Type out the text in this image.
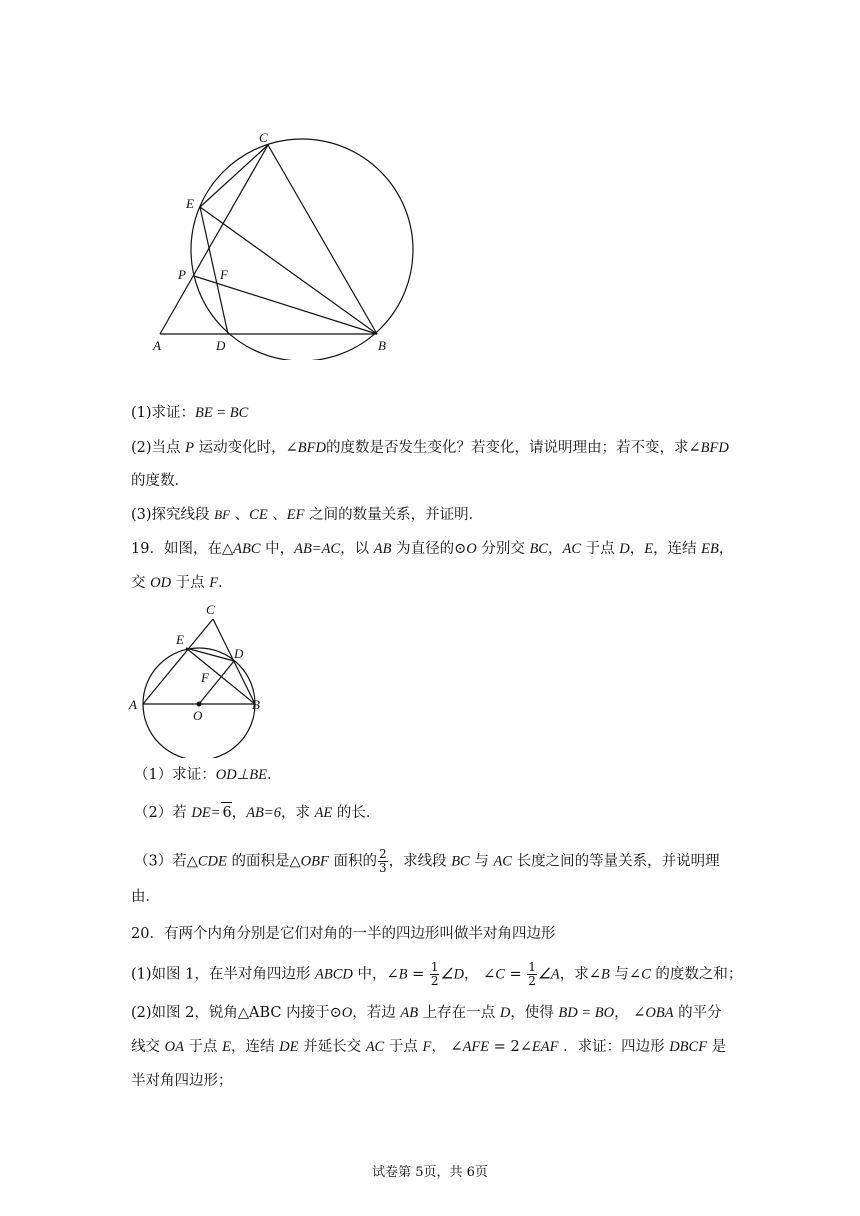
C
E
P	F
A	D	B
(1)求证：BE = BC
(2)当点 P 运动变化时，∠BFD的度数是否发生变化？若变化，请说明理由；若不变，求∠BFD
的度数．
(3)探究线段 BF 、CE 、EF 之间的数量关系，并证明．
19．如图，在△ABC 中，AB=AC，以 AB 为直径的⊙O 分别交 BC，AC 于点 D，E，连结 EB，
交 OD 于点 F．
C
E
D
F
A
O
B
（1）求证：OD⊥BE．
（2）若 DE= 6，AB=6，求 AE 的长．
（3）若△CDE 的面积是△OBF 面积的 $\frac{2}{3}$ ，求线段 BC 与 AC 长度之间的等量关系，并说明理
由．
20．有两个内角分别是它们对角的一半的四边形叫做半对角四边形
(1)如图 1，在半对角四边形 ABCD 中，∠B = $\frac{1}{2}$ ∠D， ∠C = $\frac{1}{2}$ ∠A，求∠B 与∠C 的度数之和；
(2)如图 2，锐角△ABC 内接于⊙O，若边 AB 上存在一点 D，使得 BD = BO， ∠OBA 的平分
线交 OA 于点 E，连结 DE 并延长交 AC 于点 F， ∠AFE = 2∠EAF ．求证：四边形 DBCF 是
半对角四边形；
试卷第 5页，共 6页
